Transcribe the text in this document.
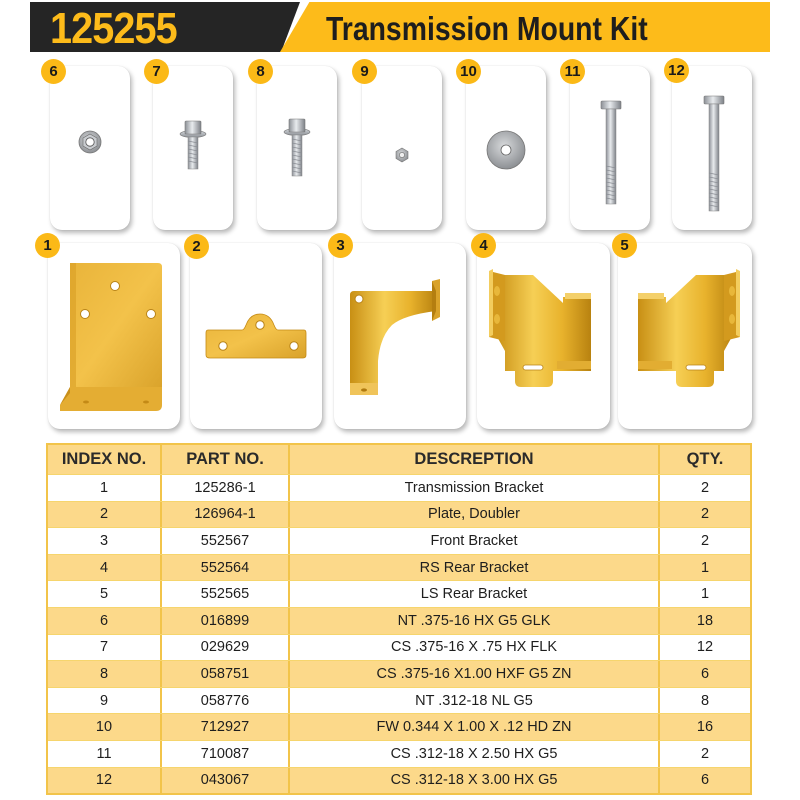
125255	Transmission Mount Kit
6	7	8	9	10	11	12
1	2	3	4	5
INDEX NO.	PART NO.	DESCREPTION	QTY.
1	125286-1	Transmission Bracket	2
2	126964-1	Plate, Doubler	2
3	552567	Front Bracket	2
4	552564	RS Rear Bracket	1
5	552565	LS Rear Bracket	1
6	016899	NT .375-16 HX G5 GLK	18
7	029629	CS .375-16 X .75 HX FLK	12
8	058751	CS .375-16 X1.00 HXF G5 ZN	6
9	058776	NT .312-18 NL G5	8
10	712927	FW 0.344 X 1.00 X .12 HD ZN	16
11	710087	CS .312-18 X 2.50 HX G5	2
12	043067	CS .312-18 X 3.00 HX G5	6
